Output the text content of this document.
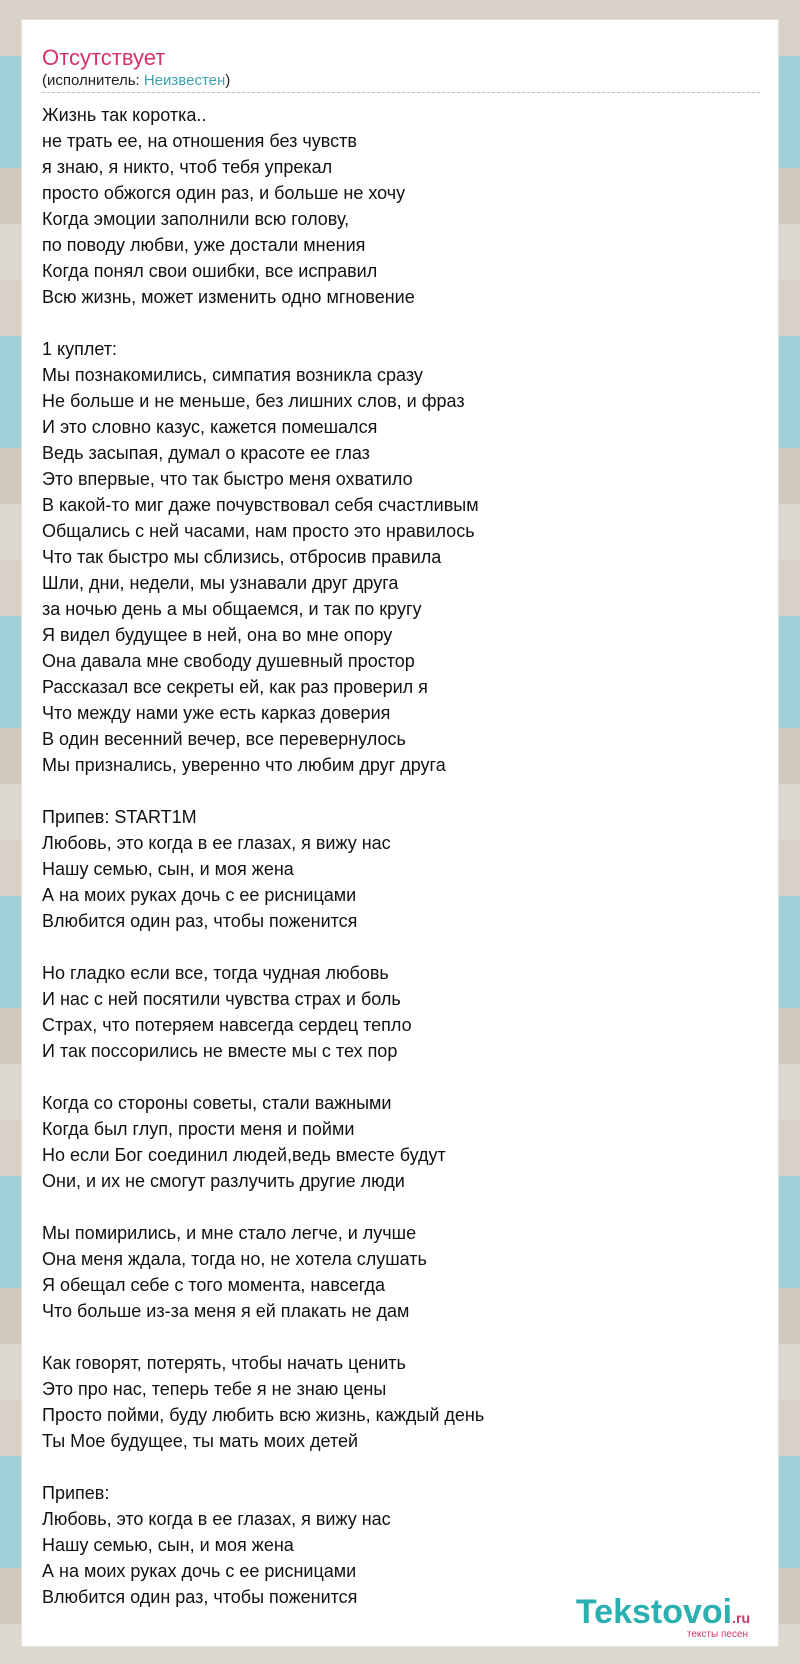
Отсутствует
(исполнитель: Неизвестен)
Жизнь так коротка..
не трать ее, на отношения без чувств
я знаю, я никто, чтоб тебя упрекал
просто обжогся один раз, и больше не хочу
Когда эмоции заполнили всю голову,
по поводу любви, уже достали мнения
Когда понял свои ошибки, все исправил
Всю жизнь, может изменить одно мгновение
1 куплет:
Мы познакомились, симпатия возникла сразу
Не больше и не меньше, без лишних слов, и фраз
И это словно казус, кажется помешался
Ведь засыпая, думал о красоте ее глаз
Это впервые, что так быстро меня охватило
В какой-то миг даже почувствовал себя счастливым
Общались с ней часами, нам просто это нравилось
Что так быстро мы сблизись, отбросив правила
Шли, дни, недели, мы узнавали друг друга
за ночью день а мы общаемся, и так по кругу
Я видел будущее в ней, она во мне опору
Она давала мне свободу душевный простор
Рассказал все секреты ей, как раз проверил я
Что между нами уже есть карказ доверия
В один весенний вечер, все перевернулось
Мы признались, уверенно что любим друг друга
Припев: START1M
Любовь, это когда в ее глазах, я вижу нас
Нашу семью, сын, и моя жена
А на моих руках дочь с ее рисницами
Влюбится один раз, чтобы поженится
Но гладко если все, тогда чудная любовь
И нас с ней посятили чувства страх и боль
Страх, что потеряем навсегда сердец тепло
И так поссорились не вместе мы с тех пор
Когда со стороны советы, стали важными
Когда был глуп, прости меня и пойми
Но если Бог соединил людей,ведь вместе будут
Они, и их не смогут разлучить другие люди
Мы помирились, и мне стало легче, и лучше
Она меня ждала, тогда но, не хотела слушать
Я обещал себе с того момента, навсегда
Что больше из-за меня я ей плакать не дам
Как говорят, потерять, чтобы начать ценить
Это про нас, теперь тебе я не знаю цены
Просто пойми, буду любить всю жизнь, каждый день
Ты Мое будущее, ты мать моих детей
Припев:
Любовь, это когда в ее глазах, я вижу нас
Нашу семью, сын, и моя жена
А на моих руках дочь с ее рисницами
Влюбится один раз, чтобы поженится	Tekstovoi.ru
тексты песен
